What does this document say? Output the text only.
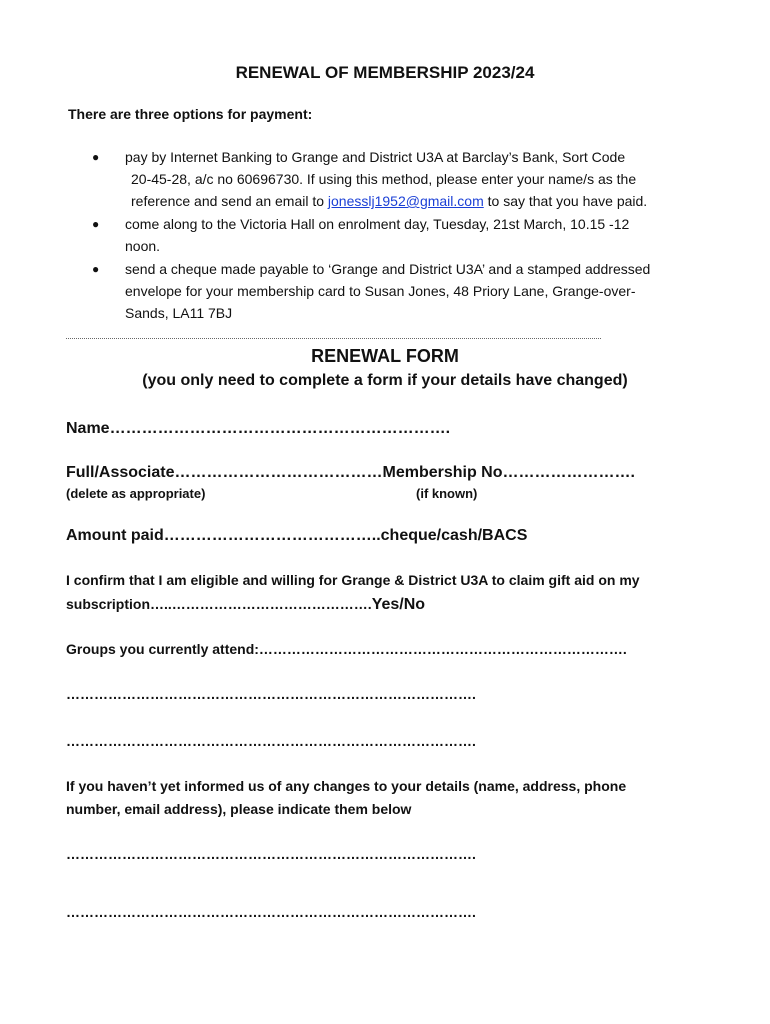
RENEWAL OF MEMBERSHIP 2023/24
There are three options for payment:
● pay by Internet Banking to Grange and District U3A at Barclay’s Bank, Sort Code
20-45-28, a/c no 60696730. If using this method, please enter your name/s as the
reference and send an email to jonesslj1952@gmail.com to say that you have paid.
● come along to the Victoria Hall on enrolment day, Tuesday, 21st March, 10.15 -12
noon.
● send a cheque made payable to ‘Grange and District U3A’ and a stamped addressed
envelope for your membership card to Susan Jones, 48 Priory Lane, Grange-over-
Sands, LA11 7BJ
RENEWAL FORM
(you only need to complete a form if your details have changed)
Name……………………………………………………….
Full/Associate…………………………………Membership No…………………….
(delete as appropriate)	(if known)
Amount paid…………………………………..cheque/cash/BACS
I confirm that I am eligible and willing for Grange & District U3A to claim gift aid on my
subscription…..…………………………………….Yes/No
Groups you currently attend:…………………………………………………………………….
…………………………………………………………………………….
…………………………………………………………………………….
If you haven’t yet informed us of any changes to your details (name, address, phone
number, email address), please indicate them below
…………………………………………………………………………….
…………………………………………………………………………….
